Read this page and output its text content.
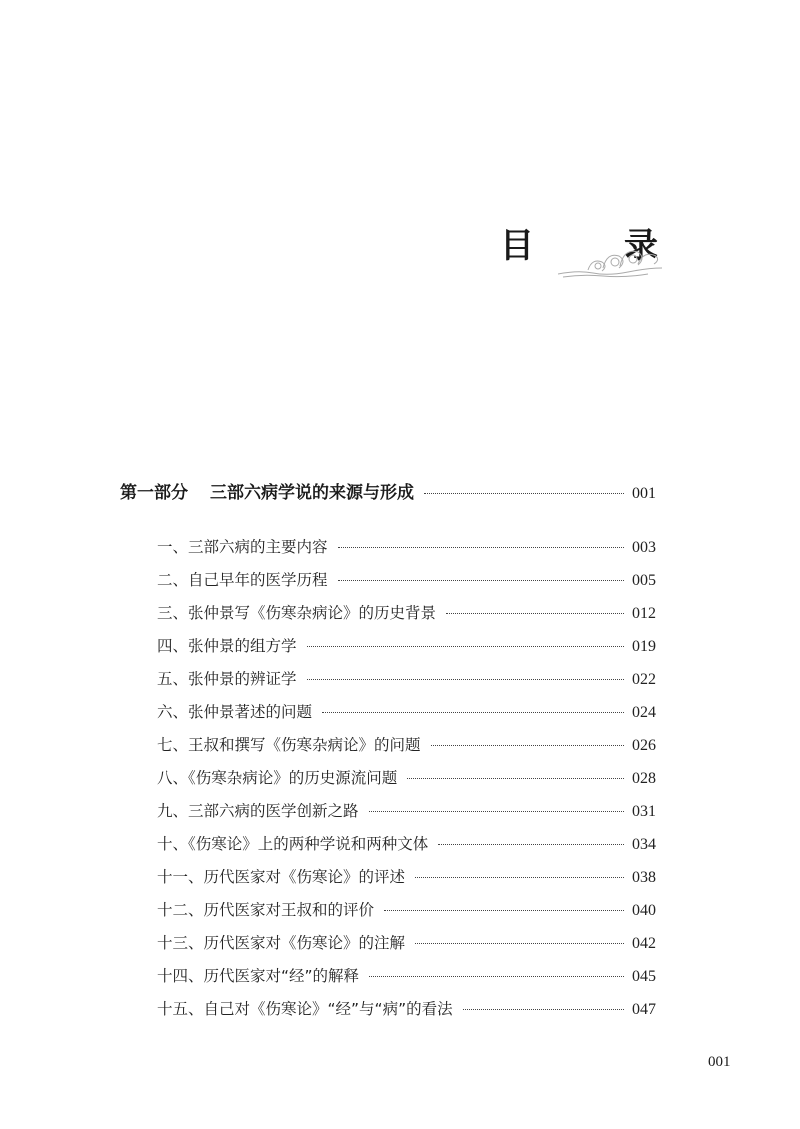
目　录
第一部分 三部六病学说的来源与形成	001
一、三部六病的主要内容	003
二、自己早年的医学历程	005
三、张仲景写《伤寒杂病论》的历史背景	012
四、张仲景的组方学	019
五、张仲景的辨证学	022
六、张仲景著述的问题	024
七、王叔和撰写《伤寒杂病论》的问题	026
八、《伤寒杂病论》的历史源流问题	028
九、三部六病的医学创新之路	031
十、《伤寒论》上的两种学说和两种文体	034
十一、历代医家对《伤寒论》的评述	038
十二、历代医家对王叔和的评价	040
十三、历代医家对《伤寒论》的注解	042
十四、历代医家对“经”的解释	045
十五、自己对《伤寒论》“经”与“病”的看法	047
001
